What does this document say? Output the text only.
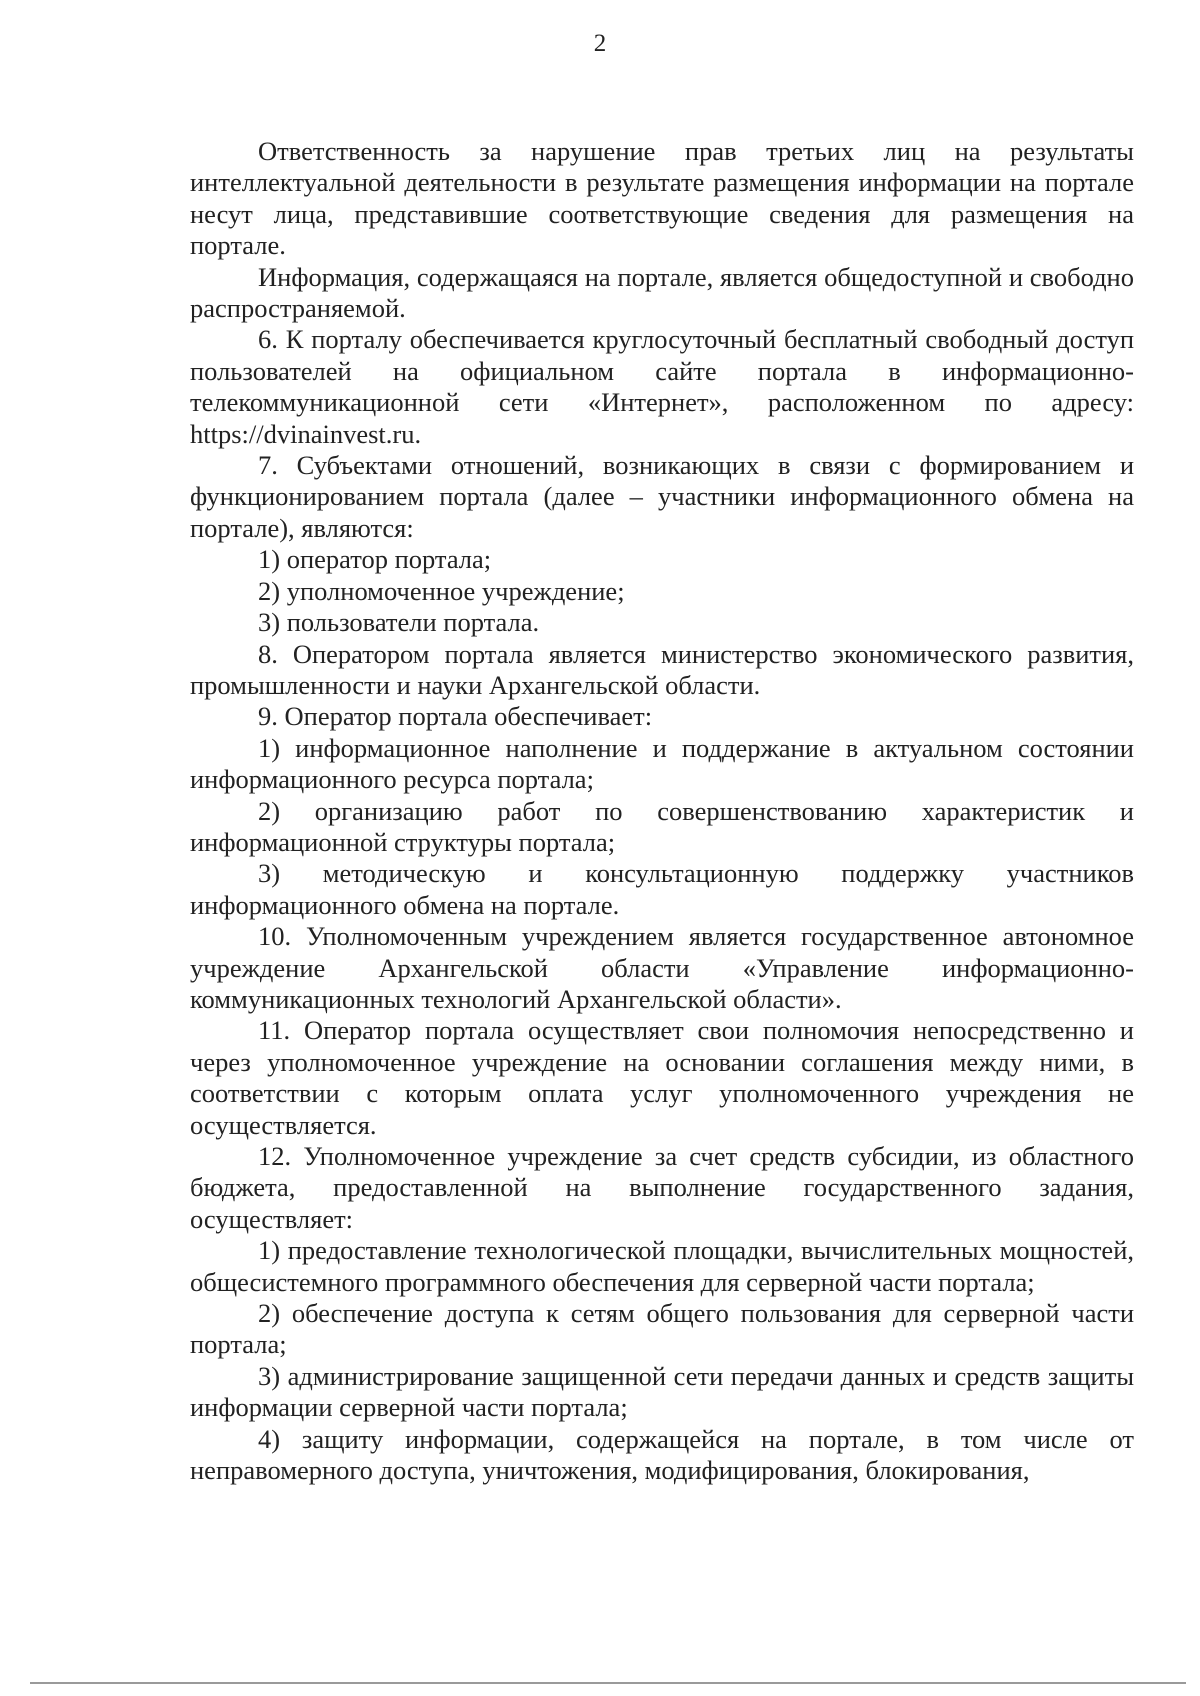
2

Ответственность за нарушение прав третьих лиц на результаты интеллектуальной деятельности в результате размещения информации на портале несут лица, представившие соответствующие сведения для размещения на портале.

Информация, содержащаяся на портале, является общедоступной и свободно распространяемой.

6. К порталу обеспечивается круглосуточный бесплатный свободный доступ пользователей на официальном сайте портала в информационно-телекоммуникационной сети «Интернет», расположенном по адресу: https://dvinainvest.ru.

7. Субъектами отношений, возникающих в связи с формированием и функционированием портала (далее – участники информационного обмена на портале), являются:

1) оператор портала;

2) уполномоченное учреждение;

3) пользователи портала.

8. Оператором портала является министерство экономического развития, промышленности и науки Архангельской области.

9. Оператор портала обеспечивает:

1) информационное наполнение и поддержание в актуальном состоянии информационного ресурса портала;

2) организацию работ по совершенствованию характеристик и информационной структуры портала;

3) методическую и консультационную поддержку участников информационного обмена на портале.

10. Уполномоченным учреждением является государственное автономное учреждение Архангельской области «Управление информационно-коммуникационных технологий Архангельской области».

11. Оператор портала осуществляет свои полномочия непосредственно и через уполномоченное учреждение на основании соглашения между ними, в соответствии с которым оплата услуг уполномоченного учреждения не осуществляется.

12. Уполномоченное учреждение за счет средств субсидии, из областного бюджета, предоставленной на выполнение государственного задания, осуществляет:

1) предоставление технологической площадки, вычислительных мощностей, общесистемного программного обеспечения для серверной части портала;

2) обеспечение доступа к сетям общего пользования для серверной части портала;

3) администрирование защищенной сети передачи данных и средств защиты информации серверной части портала;

4) защиту информации, содержащейся на портале, в том числе от неправомерного доступа, уничтожения, модифицирования, блокирования,
